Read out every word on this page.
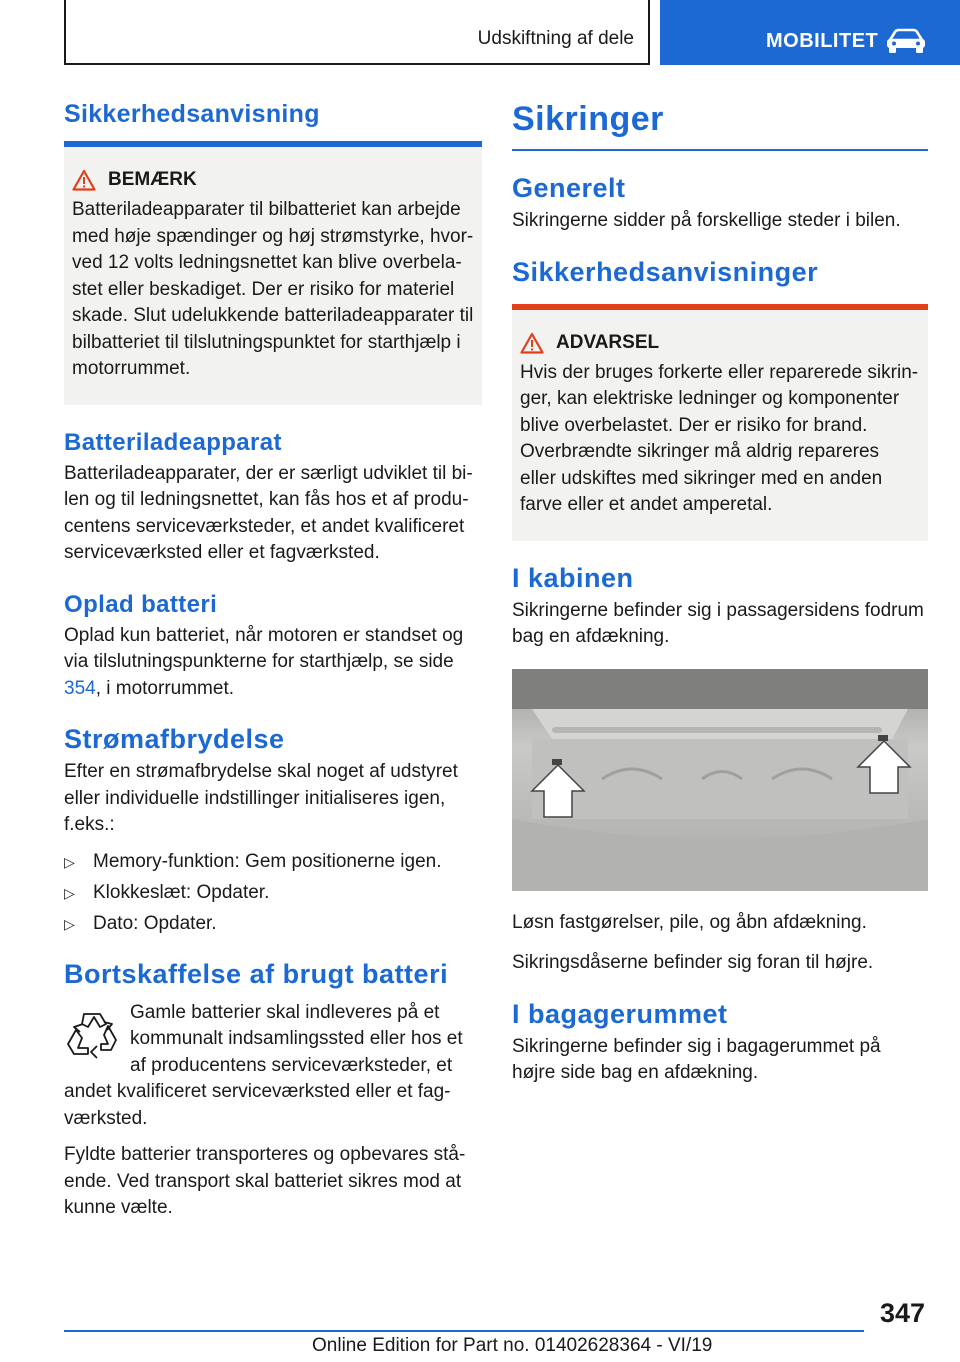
Udskiftning af dele	MOBILITET
Sikkerhedsanvisning
BEMÆRK

Batteriladeapparater til bilbatteriet kan arbejde med høje spændinger og høj strømstyrke, hvorved 12 volts ledningsnettet kan blive overbelastet eller beskadiget. Der er risiko for materiel skade. Slut udelukkende batteriladeapparater til bilbatteriet til tilslutningspunktet for starthjælp i motorrummet.

Batteriladeapparat

Batteriladeapparater, der er særligt udviklet til bilen og til ledningsnettet, kan fås hos et af producentens serviceværksteder, et andet kvalificeret serviceværksted eller et fagværksted.

Oplad batteri

Oplad kun batteriet, når motoren er standset og via tilslutningspunkterne for starthjælp, se side 354, i motorrummet.

Strømafbrydelse

Efter en strømafbrydelse skal noget af udstyret eller individuelle indstillinger initialiseres igen, f.eks.:

▷ Memory-funktion: Gem positionerne igen.
▷ Klokkeslæt: Opdater.
▷ Dato: Opdater.
Bortskaffelse af brugt batteri

Gamle batterier skal indleveres på et kommunalt indsamlingssted eller hos et af producentens serviceværksteder, et

andet kvalificeret serviceværksted eller et fagværksted.

Fyldte batterier transporteres og opbevares stående. Ved transport skal batteriet sikres mod at kunne vælte.

Sikringer
Generelt

Sikringerne sidder på forskellige steder i bilen.

Sikkerhedsanvisninger
ADVARSEL

Hvis der bruges forkerte eller reparerede sikringer, kan elektriske ledninger og komponenter blive overbelastet. Der er risiko for brand. Overbrændte sikringer må aldrig repareres eller udskiftes med sikringer med en anden farve eller et andet amperetal.

I kabinen

Sikringerne befinder sig i passagersidens fodrum bag en afdækning.

Løsn fastgørelser, pile, og åbn afdækning.

Sikringsdåserne befinder sig foran til højre.

I bagagerummet

Sikringerne befinder sig i bagagerummet på højre side bag en afdækning.

347
Online Edition for Part no. 01402628364 - VI/19
